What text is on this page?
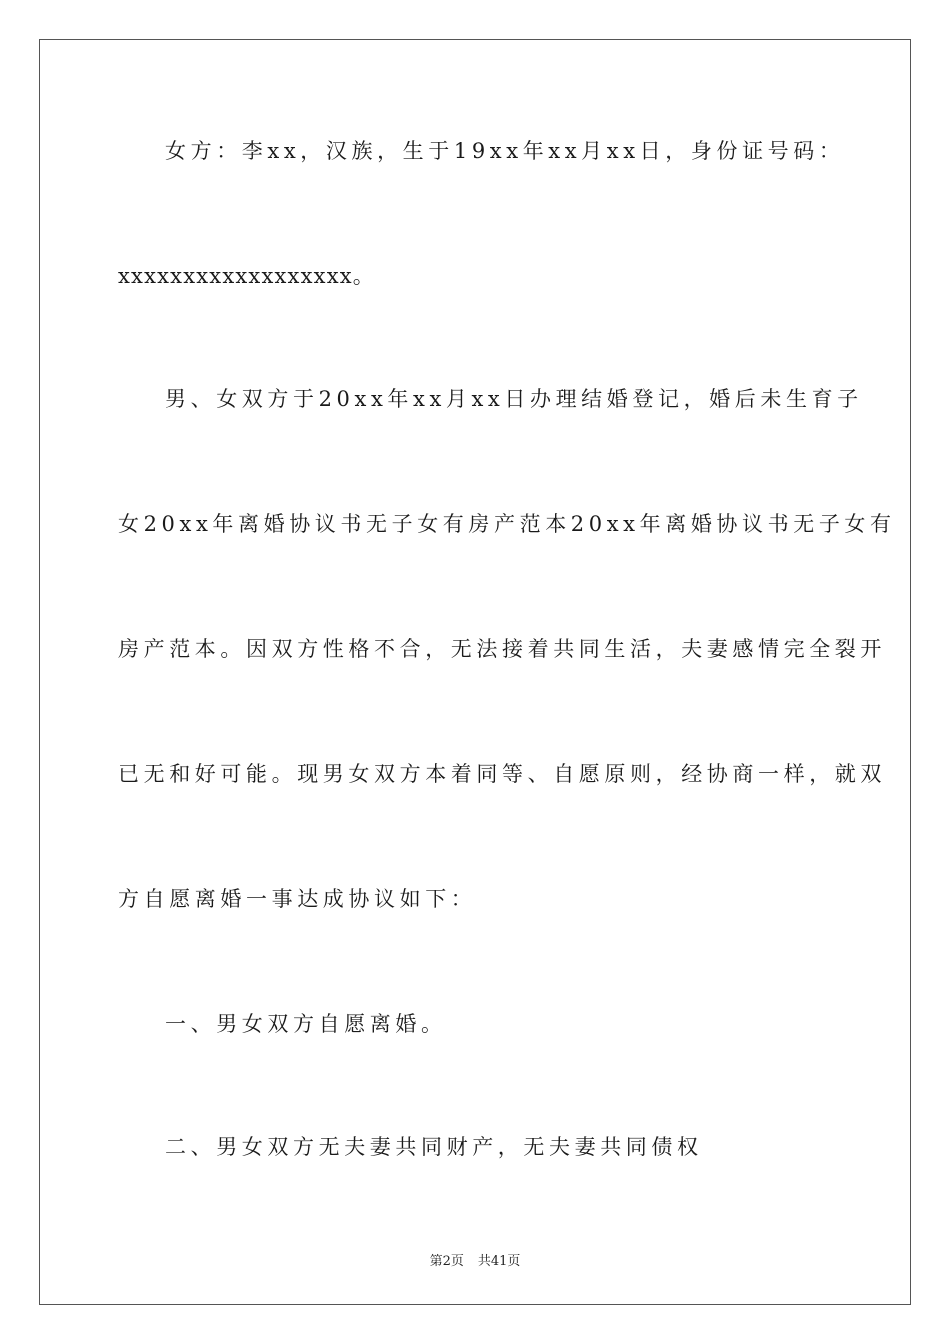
女方：李xx，汉族，生于19xx年xx月xx日，身份证号码：
xxxxxxxxxxxxxxxxxx。
男、女双方于20xx年xx月xx日办理结婚登记，婚后未生育子
女20xx年离婚协议书无子女有房产范本20xx年离婚协议书无子女有
房产范本。因双方性格不合，无法接着共同生活，夫妻感情完全裂开
已无和好可能。现男女双方本着同等、自愿原则，经协商一样，就双
方自愿离婚一事达成协议如下：
一、男女双方自愿离婚。
二、男女双方无夫妻共同财产，无夫妻共同债权
第2页 共41页
